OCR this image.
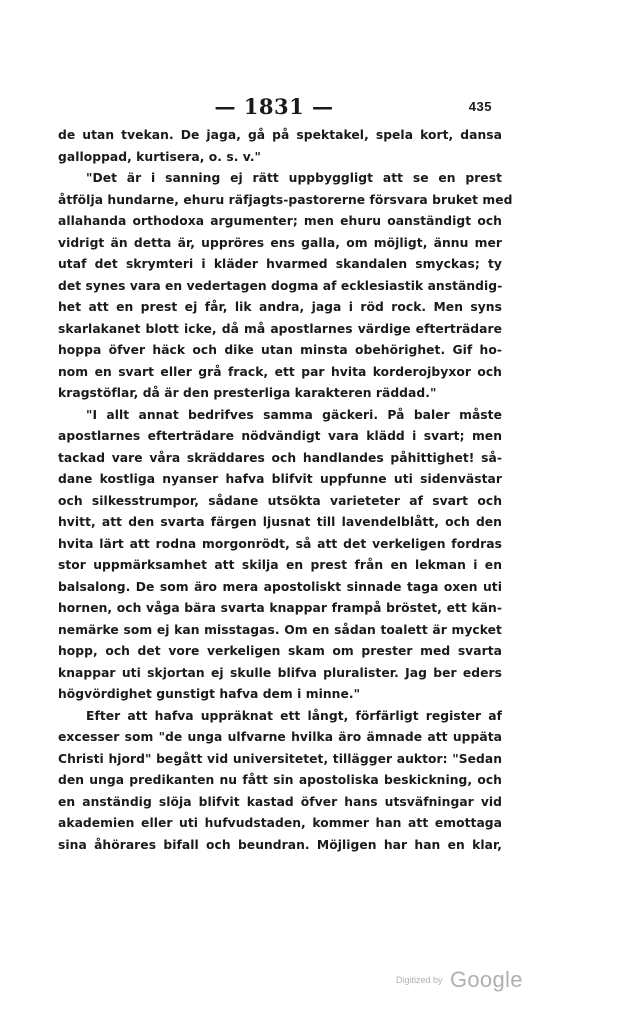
— 1831 —	435
de utan tvekan. De jaga, gå på spektakel, spela kort, dansa
galloppad, kurtisera, o. s. v."
"Det är i sanning ej rätt uppbyggligt att se en prest
åtfölja hundarne, ehuru räfjagts-pastorerne försvara bruket med
allahanda orthodoxa argumenter; men ehuru oanständigt och
vidrigt än detta är, uppröres ens galla, om möjligt, ännu mer
utaf det skrymteri i kläder hvarmed skandalen smyckas; ty
det synes vara en vedertagen dogma af ecklesiastik anständig-
het att en prest ej får, lik andra, jaga i röd rock. Men syns
skarlakanet blott icke, då må apostlarnes värdige efterträdare
hoppa öfver häck och dike utan minsta obehörighet. Gif ho-
nom en svart eller grå frack, ett par hvita korderojbyxor och
kragstöflar, då är den presterliga karakteren räddad."
"I allt annat bedrifves samma gäckeri. På baler måste
apostlarnes efterträdare nödvändigt vara klädd i svart; men
tackad vare våra skräddares och handlandes påhittighet! så-
dane kostliga nyanser hafva blifvit uppfunne uti sidenvästar
och silkesstrumpor, sådane utsökta varieteter af svart och
hvitt, att den svarta färgen ljusnat till lavendelblått, och den
hvita lärt att rodna morgonrödt, så att det verkeligen fordras
stor uppmärksamhet att skilja en prest från en lekman i en
balsalong. De som äro mera apostoliskt sinnade taga oxen uti
hornen, och våga bära svarta knappar frampå bröstet, ett kän-
nemärke som ej kan misstagas. Om en sådan toalett är mycket
hopp, och det vore verkeligen skam om prester med svarta
knappar uti skjortan ej skulle blifva pluralister. Jag ber eders
högvördighet gunstigt hafva dem i minne."
Efter att hafva uppräknat ett långt, förfärligt register af
excesser som "de unga ulfvarne hvilka äro ämnade att uppäta
Christi hjord" begått vid universitetet, tillägger auktor: "Sedan
den unga predikanten nu fått sin apostoliska beskickning, och
en anständig slöja blifvit kastad öfver hans utsväfningar vid
akademien eller uti hufvudstaden, kommer han att emottaga
sina åhörares bifall och beundran. Möjligen har han en klar,
Digitized by Google
